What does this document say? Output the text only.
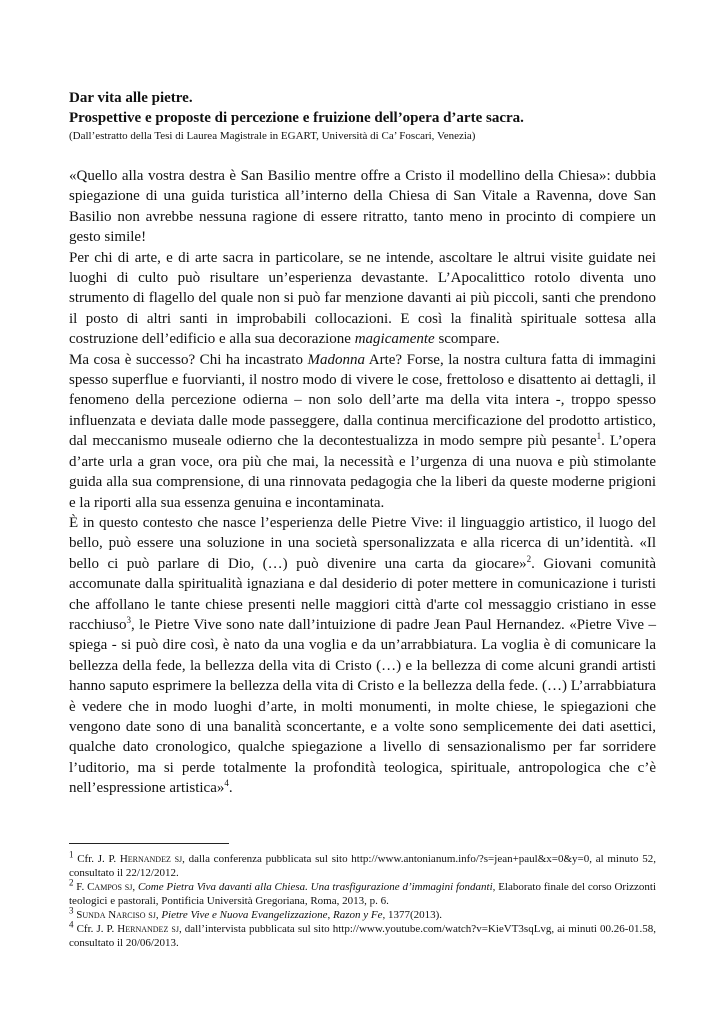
Dar vita alle pietre.
Prospettive e proposte di percezione e fruizione dell’opera d’arte sacra.
(Dall’estratto della Tesi di Laurea Magistrale in EGART, Università di Ca’ Foscari, Venezia)

«Quello alla vostra destra è San Basilio mentre offre a Cristo il modellino della Chiesa»: dubbia spiegazione di una guida turistica all’interno della Chiesa di San Vitale a Ravenna, dove San Basilio non avrebbe nessuna ragione di essere ritratto, tanto meno in procinto di compiere un gesto simile!

Per chi di arte, e di arte sacra in particolare, se ne intende, ascoltare le altrui visite guidate nei luoghi di culto può risultare un’esperienza devastante. L’Apocalittico rotolo diventa uno strumento di flagello del quale non si può far menzione davanti ai più piccoli, santi che prendono il posto di altri santi in improbabili collocazioni. E così la finalità spirituale sottesa alla costruzione dell’edificio e alla sua decorazione magicamente scompare.

Ma cosa è successo? Chi ha incastrato Madonna Arte? Forse, la nostra cultura fatta di immagini spesso superflue e fuorvianti, il nostro modo di vivere le cose, frettoloso e disattento ai dettagli, il fenomeno della percezione odierna – non solo dell’arte ma della vita intera -, troppo spesso influenzata e deviata dalle mode passeggere, dalla continua mercificazione del prodotto artistico, dal meccanismo museale odierno che la decontestualizza in modo sempre più pesante$^1$. L’opera d’arte urla a gran voce, ora più che mai, la necessità e l’urgenza di una nuova e più stimolante guida alla sua comprensione, di una rinnovata pedagogia che la liberi da queste moderne prigioni e la riporti alla sua essenza genuina e incontaminata.

È in questo contesto che nasce l’esperienza delle Pietre Vive: il linguaggio artistico, il luogo del bello, può essere una soluzione in una società spersonalizzata e alla ricerca di un’identità. «Il bello ci può parlare di Dio, (…) può divenire una carta da giocare»$^2$. Giovani comunità accomunate dalla spiritualità ignaziana e dal desiderio di poter mettere in comunicazione i turisti che affollano le tante chiese presenti nelle maggiori città d'arte col messaggio cristiano in esse racchiuso$^3$, le Pietre Vive sono nate dall’intuizione di padre Jean Paul Hernandez. «Pietre Vive – spiega - si può dire così, è nato da una voglia e da un’arrabbiatura. La voglia è di comunicare la bellezza della fede, la bellezza della vita di Cristo (…) e la bellezza di come alcuni grandi artisti hanno saputo esprimere la bellezza della vita di Cristo e la bellezza della fede. (…) L’arrabbiatura è vedere che in modo luoghi d’arte, in molti monumenti, in molte chiese, le spiegazioni che vengono date sono di una banalità sconcertante, e a volte sono semplicemente dei dati asettici, qualche dato cronologico, qualche spiegazione a livello di sensazionalismo per far sorridere l’uditorio, ma si perde totalmente la profondità teologica, spirituale, antropologica che c’è nell’espressione artistica»$^4$.

$^1$ Cfr. J. P. Hernandez sj, dalla conferenza pubblicata sul sito http://www.antonianum.info/?s=jean+paul&x=0&y=0, al minuto 52, consultato il 22/12/2012.

$^2$ F. Campos sj, Come Pietra Viva davanti alla Chiesa. Una trasfigurazione d’immagini fondanti, Elaborato finale del corso Orizzonti teologici e pastorali, Pontificia Università Gregoriana, Roma, 2013, p. 6.

$^3$ Sunda Narciso sj, Pietre Vive e Nuova Evangelizzazione, Razon y Fe, 1377(2013).

$^4$ Cfr. J. P. Hernandez sj, dall’intervista pubblicata sul sito http://www.youtube.com/watch?v=KieVT3sqLvg, ai minuti 00.26-01.58, consultato il 20/06/2013.
